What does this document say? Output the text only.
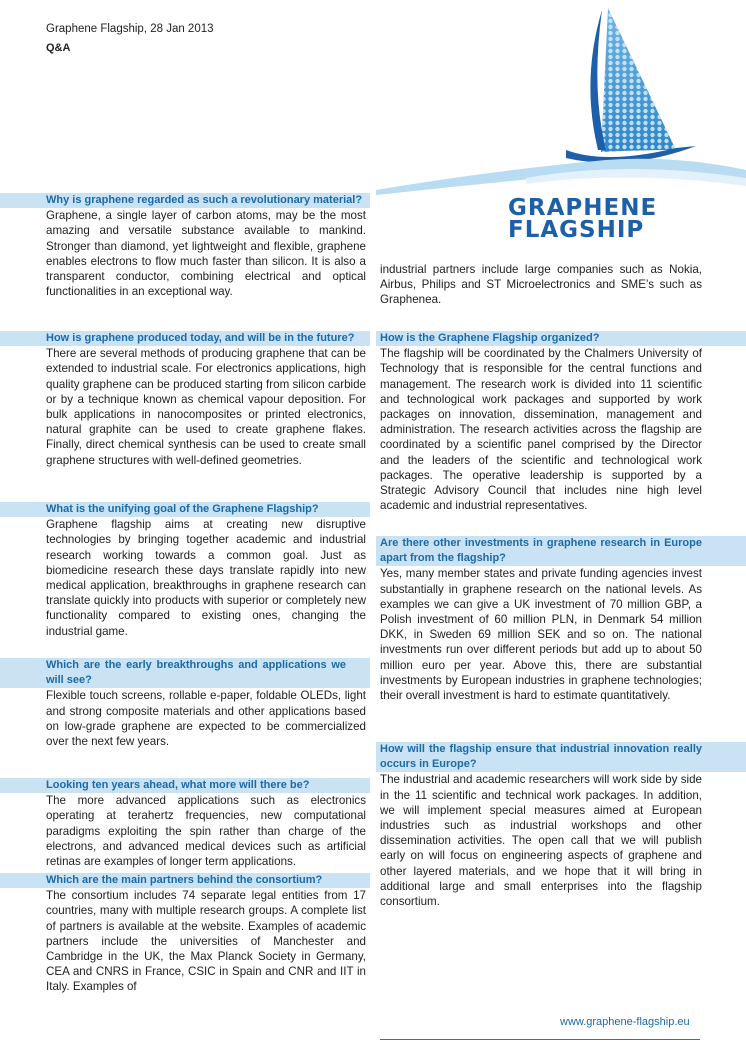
Graphene Flagship, 28 Jan 2013
Q&A
GRAPHENE
FLAGSHIP
Why is graphene regarded as such a revolutionary material?

Graphene, a single layer of carbon atoms, may be the most amazing and versatile substance available to mankind. Stronger than diamond, yet lightweight and flexible, graphene enables electrons to flow much faster than silicon. It is also a transparent conductor, combining electrical and optical functionalities in an exceptional way.

How is graphene produced today, and will be in the future?

There are several methods of producing graphene that can be extended to industrial scale. For electronics applications, high quality graphene can be produced starting from silicon carbide or by a technique known as chemical vapour deposition. For bulk applications in nanocomposites or printed electronics, natural graphite can be used to create graphene flakes. Finally, direct chemical synthesis can be used to create small graphene structures with well-defined geometries.

What is the unifying goal of the Graphene Flagship?

Graphene flagship aims at creating new disruptive technologies by bringing together academic and industrial research working towards a common goal. Just as biomedicine research these days translate rapidly into new medical application, breakthroughs in graphene research can translate quickly into products with superior or completely new functionality compared to existing ones, changing the industrial game.

Which are the early breakthroughs and applications we will see?

Flexible touch screens, rollable e-paper, foldable OLEDs, light and strong composite materials and other applications based on low-grade graphene are expected to be commercialized over the next few years.

Looking ten years ahead, what more will there be?

The more advanced applications such as electronics operating at terahertz frequencies, new computational paradigms exploiting the spin rather than charge of the electrons, and advanced medical devices such as artificial retinas are examples of longer term applications.

Which are the main partners behind the consortium?

The consortium includes 74 separate legal entities from 17 countries, many with multiple research groups. A complete list of partners is available at the website. Examples of academic partners include the universities of Manchester and Cambridge in the UK, the Max Planck Society in Germany, CEA and CNRS in France, CSIC in Spain and CNR and IIT in Italy. Examples of

industrial partners include large companies such as Nokia, Airbus, Philips and ST Microelectronics and SME’s such as Graphenea.

How is the Graphene Flagship organized?

The flagship will be coordinated by the Chalmers University of Technology that is responsible for the central functions and management. The research work is divided into 11 scientific and technological work packages and supported by work packages on innovation, dissemination, management and administration. The research activities across the flagship are coordinated by a scientific panel comprised by the Director and the leaders of the scientific and technological work packages. The operative leadership is supported by a Strategic Advisory Council that includes nine high level academic and industrial representatives.

Are there other investments in graphene research in Europe apart from the flagship?

Yes, many member states and private funding agencies invest substantially in graphene research on the national levels. As examples we can give a UK investment of 70 million GBP, a Polish investment of 60 million PLN, in Denmark 54 million DKK, in Sweden 69 million SEK and so on. The national investments run over different periods but add up to about 50 million euro per year. Above this, there are substantial investments by European industries in graphene technologies; their overall investment is hard to estimate quantitatively.

How will the flagship ensure that industrial innovation really occurs in Europe?

The industrial and academic researchers will work side by side in the 11 scientific and technical work packages. In addition, we will implement special measures aimed at European industries such as industrial workshops and other dissemination activities. The open call that we will publish early on will focus on engineering aspects of graphene and other layered materials, and we hope that it will bring in additional large and small enterprises into the flagship consortium.

www.graphene-flagship.eu
